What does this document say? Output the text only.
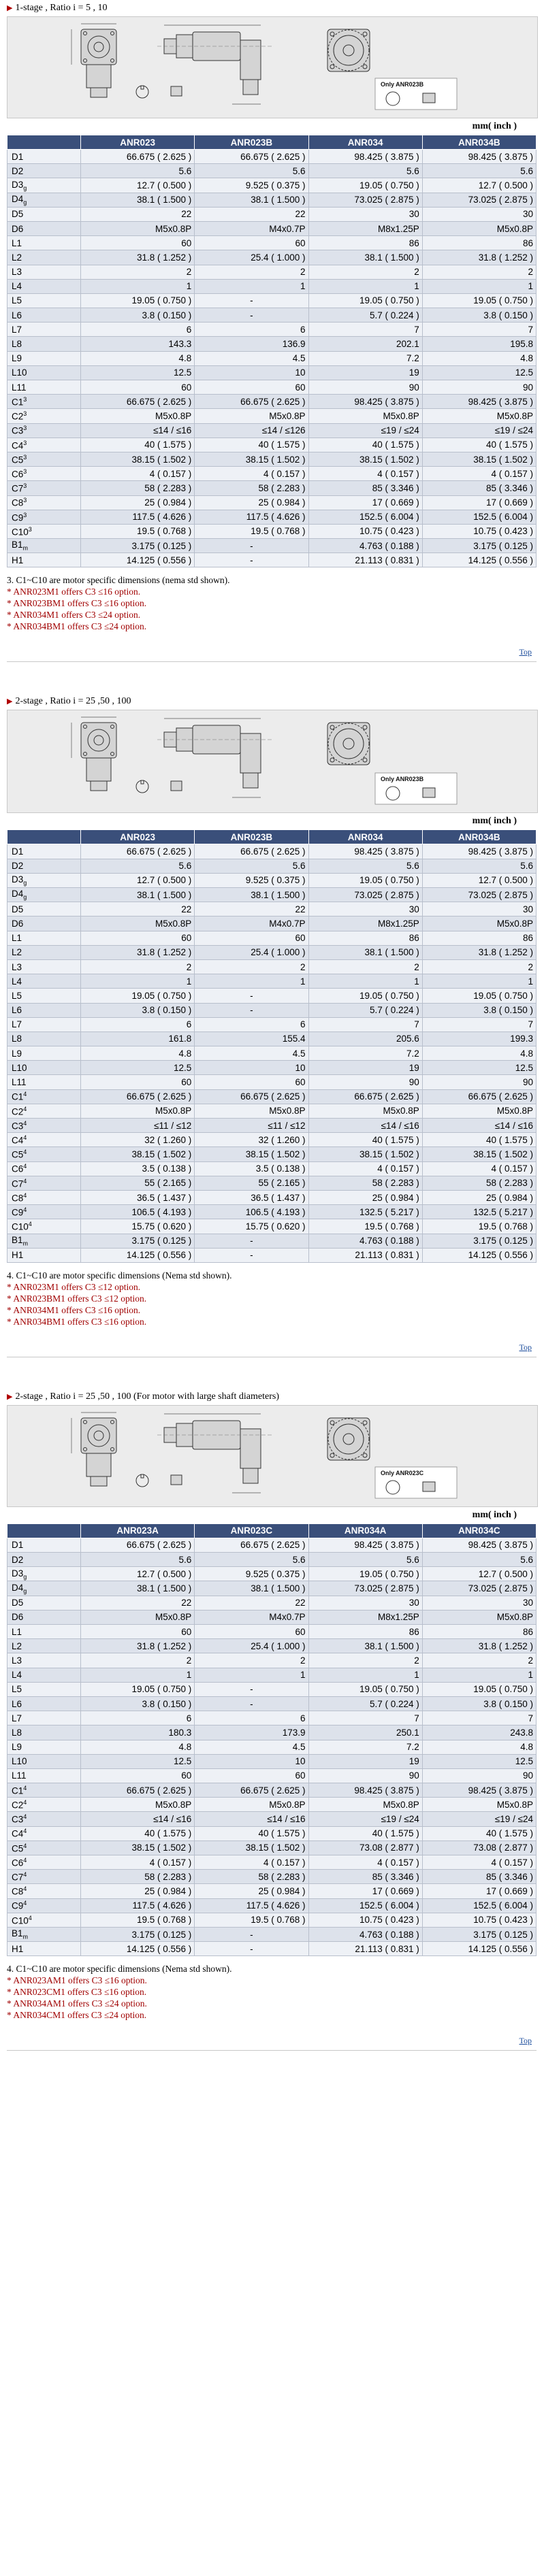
▶ 1-stage , Ratio i = 5 , 10
Only ANR023B
mm( inch )
	ANR023	ANR023B	ANR034	ANR034B
D1	66.675 ( 2.625 )	66.675 ( 2.625 )	98.425 ( 3.875 )	98.425 ( 3.875 )
D2	5.6	5.6	5.6	5.6
$D3_g$	12.7 ( 0.500 )	9.525 ( 0.375 )	19.05 ( 0.750 )	12.7 ( 0.500 )
$D4_g$	38.1 ( 1.500 )	38.1 ( 1.500 )	73.025 ( 2.875 )	73.025 ( 2.875 )
D5	22	22	30	30
D6	M5x0.8P	M4x0.7P	M8x1.25P	M5x0.8P
L1	60	60	86	86
L2	31.8 ( 1.252 )	25.4 ( 1.000 )	38.1 ( 1.500 )	31.8 ( 1.252 )
L3	2	2	2	2
L4	1	1	1	1
L5	19.05 ( 0.750 )	-	19.05 ( 0.750 )	19.05 ( 0.750 )
L6	3.8 ( 0.150 )	-	5.7 ( 0.224 )	3.8 ( 0.150 )
L7	6	6	7	7
L8	143.3	136.9	202.1	195.8
L9	4.8	4.5	7.2	4.8
L10	12.5	10	19	12.5
L11	60	60	90	90
$C1^3$	66.675 ( 2.625 )	66.675 ( 2.625 )	98.425 ( 3.875 )	98.425 ( 3.875 )
$C2^3$	M5x0.8P	M5x0.8P	M5x0.8P	M5x0.8P
$C3^3$	≤14 / ≤16	≤14 / ≤126	≤19 / ≤24	≤19 / ≤24
$C4^3$	40 ( 1.575 )	40 ( 1.575 )	40 ( 1.575 )	40 ( 1.575 )
$C5^3$	38.15 ( 1.502 )	38.15 ( 1.502 )	38.15 ( 1.502 )	38.15 ( 1.502 )
$C6^3$	4 ( 0.157 )	4 ( 0.157 )	4 ( 0.157 )	4 ( 0.157 )
$C7^3$	58 ( 2.283 )	58 ( 2.283 )	85 ( 3.346 )	85 ( 3.346 )
$C8^3$	25 ( 0.984 )	25 ( 0.984 )	17 ( 0.669 )	17 ( 0.669 )
$C9^3$	117.5 ( 4.626 )	117.5 ( 4.626 )	152.5 ( 6.004 )	152.5 ( 6.004 )
$C10^3$	19.5 ( 0.768 )	19.5 ( 0.768 )	10.75 ( 0.423 )	10.75 ( 0.423 )
$B1_m$	3.175 ( 0.125 )	-	4.763 ( 0.188 )	3.175 ( 0.125 )
H1	14.125 ( 0.556 )	-	21.113 ( 0.831 )	14.125 ( 0.556 )
3. C1~C10 are motor specific dimensions (nema std shown).
* ANR023M1 offers C3 ≤16 option.
* ANR023BM1 offers C3 ≤16 option.
* ANR034M1 offers C3 ≤24 option.
* ANR034BM1 offers C3 ≤24 option.
Top
▶ 2-stage , Ratio i = 25 ,50 , 100
Only ANR023B
mm( inch )
	ANR023	ANR023B	ANR034	ANR034B
D1	66.675 ( 2.625 )	66.675 ( 2.625 )	98.425 ( 3.875 )	98.425 ( 3.875 )
D2	5.6	5.6	5.6	5.6
$D3_g$	12.7 ( 0.500 )	9.525 ( 0.375 )	19.05 ( 0.750 )	12.7 ( 0.500 )
$D4_g$	38.1 ( 1.500 )	38.1 ( 1.500 )	73.025 ( 2.875 )	73.025 ( 2.875 )
D5	22	22	30	30
D6	M5x0.8P	M4x0.7P	M8x1.25P	M5x0.8P
L1	60	60	86	86
L2	31.8 ( 1.252 )	25.4 ( 1.000 )	38.1 ( 1.500 )	31.8 ( 1.252 )
L3	2	2	2	2
L4	1	1	1	1
L5	19.05 ( 0.750 )	-	19.05 ( 0.750 )	19.05 ( 0.750 )
L6	3.8 ( 0.150 )	-	5.7 ( 0.224 )	3.8 ( 0.150 )
L7	6	6	7	7
L8	161.8	155.4	205.6	199.3
L9	4.8	4.5	7.2	4.8
L10	12.5	10	19	12.5
L11	60	60	90	90
$C1^4$	66.675 ( 2.625 )	66.675 ( 2.625 )	66.675 ( 2.625 )	66.675 ( 2.625 )
$C2^4$	M5x0.8P	M5x0.8P	M5x0.8P	M5x0.8P
$C3^4$	≤11 / ≤12	≤11 / ≤12	≤14 / ≤16	≤14 / ≤16
$C4^4$	32 ( 1.260 )	32 ( 1.260 )	40 ( 1.575 )	40 ( 1.575 )
$C5^4$	38.15 ( 1.502 )	38.15 ( 1.502 )	38.15 ( 1.502 )	38.15 ( 1.502 )
$C6^4$	3.5 ( 0.138 )	3.5 ( 0.138 )	4 ( 0.157 )	4 ( 0.157 )
$C7^4$	55 ( 2.165 )	55 ( 2.165 )	58 ( 2.283 )	58 ( 2.283 )
$C8^4$	36.5 ( 1.437 )	36.5 ( 1.437 )	25 ( 0.984 )	25 ( 0.984 )
$C9^4$	106.5 ( 4.193 )	106.5 ( 4.193 )	132.5 ( 5.217 )	132.5 ( 5.217 )
$C10^4$	15.75 ( 0.620 )	15.75 ( 0.620 )	19.5 ( 0.768 )	19.5 ( 0.768 )
$B1_m$	3.175 ( 0.125 )	-	4.763 ( 0.188 )	3.175 ( 0.125 )
H1	14.125 ( 0.556 )	-	21.113 ( 0.831 )	14.125 ( 0.556 )
4. C1~C10 are motor specific dimensions (Nema std shown).
* ANR023M1 offers C3 ≤12 option.
* ANR023BM1 offers C3 ≤12 option.
* ANR034M1 offers C3 ≤16 option.
* ANR034BM1 offers C3 ≤16 option.
Top
▶ 2-stage , Ratio i = 25 ,50 , 100 (For motor with large shaft diameters)
Only ANR023C
mm( inch )
	ANR023A	ANR023C	ANR034A	ANR034C
D1	66.675 ( 2.625 )	66.675 ( 2.625 )	98.425 ( 3.875 )	98.425 ( 3.875 )
D2	5.6	5.6	5.6	5.6
$D3_g$	12.7 ( 0.500 )	9.525 ( 0.375 )	19.05 ( 0.750 )	12.7 ( 0.500 )
$D4_g$	38.1 ( 1.500 )	38.1 ( 1.500 )	73.025 ( 2.875 )	73.025 ( 2.875 )
D5	22	22	30	30
D6	M5x0.8P	M4x0.7P	M8x1.25P	M5x0.8P
L1	60	60	86	86
L2	31.8 ( 1.252 )	25.4 ( 1.000 )	38.1 ( 1.500 )	31.8 ( 1.252 )
L3	2	2	2	2
L4	1	1	1	1
L5	19.05 ( 0.750 )	-	19.05 ( 0.750 )	19.05 ( 0.750 )
L6	3.8 ( 0.150 )	-	5.7 ( 0.224 )	3.8 ( 0.150 )
L7	6	6	7	7
L8	180.3	173.9	250.1	243.8
L9	4.8	4.5	7.2	4.8
L10	12.5	10	19	12.5
L11	60	60	90	90
$C1^4$	66.675 ( 2.625 )	66.675 ( 2.625 )	98.425 ( 3.875 )	98.425 ( 3.875 )
$C2^4$	M5x0.8P	M5x0.8P	M5x0.8P	M5x0.8P
$C3^4$	≤14 / ≤16	≤14 / ≤16	≤19 / ≤24	≤19 / ≤24
$C4^4$	40 ( 1.575 )	40 ( 1.575 )	40 ( 1.575 )	40 ( 1.575 )
$C5^4$	38.15 ( 1.502 )	38.15 ( 1.502 )	73.08 ( 2.877 )	73.08 ( 2.877 )
$C6^4$	4 ( 0.157 )	4 ( 0.157 )	4 ( 0.157 )	4 ( 0.157 )
$C7^4$	58 ( 2.283 )	58 ( 2.283 )	85 ( 3.346 )	85 ( 3.346 )
$C8^4$	25 ( 0.984 )	25 ( 0.984 )	17 ( 0.669 )	17 ( 0.669 )
$C9^4$	117.5 ( 4.626 )	117.5 ( 4.626 )	152.5 ( 6.004 )	152.5 ( 6.004 )
$C10^4$	19.5 ( 0.768 )	19.5 ( 0.768 )	10.75 ( 0.423 )	10.75 ( 0.423 )
$B1_m$	3.175 ( 0.125 )	-	4.763 ( 0.188 )	3.175 ( 0.125 )
H1	14.125 ( 0.556 )	-	21.113 ( 0.831 )	14.125 ( 0.556 )
4. C1~C10 are motor specific dimensions (Nema std shown).
* ANR023AM1 offers C3 ≤16 option.
* ANR023CM1 offers C3 ≤16 option.
* ANR034AM1 offers C3 ≤24 option.
* ANR034CM1 offers C3 ≤24 option.
Top
